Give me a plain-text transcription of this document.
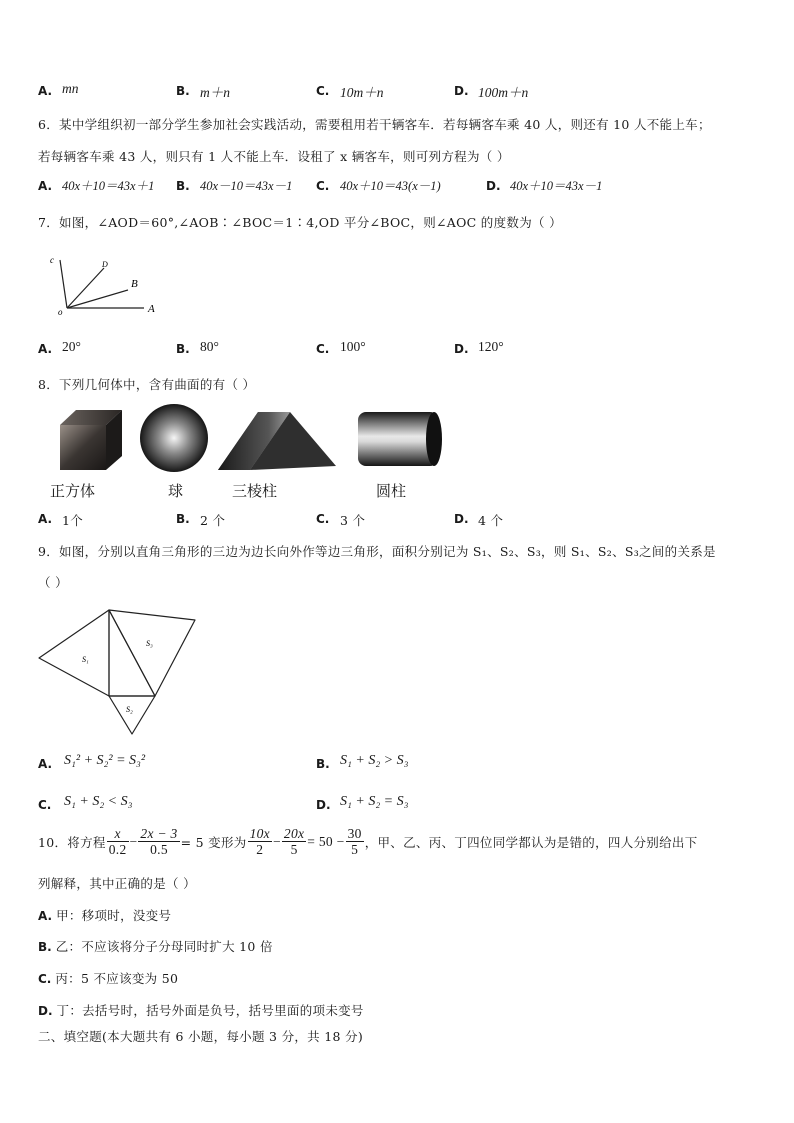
A. mn	B. m＋n	C. 10m＋n	D. 100m＋n
6．某中学组织初一部分学生参加社会实践活动，需要租用若干辆客车．若每辆客车乘 40 人，则还有 10 人不能上车；
若每辆客车乘 43 人，则只有 1 人不能上车．设租了 x 辆客车，则可列方程为（ ）
A. 40x＋10＝43x＋1 B. 40x－10＝43x－1 C. 40x＋10＝43(x－1)	D. 40x＋10＝43x－1
7．如图，∠AOD＝60°,∠AOB∶∠BOC＝1∶4,OD 平分∠BOC，则∠AOC 的度数为（ ）
c	D
B
o	A
A. 20°	B. 80°	C. 100°	D. 120°
8．下列几何体中，含有曲面的有（ ）
正方体	球	三棱柱	圆柱
A. 1个	B. 2 个	C. 3 个	D. 4 个
9．如图，分别以直角三角形的三边为边长向外作等边三角形，面积分别记为 S₁、S₂、S₃，则 S₁、S₂、S₃之间的关系是
（ ）
S₁
S₃
S₂
A. S₁² + S₂² = S₃²	B. S₁ + S₂ > S₃
C. S₁ + S₂ < S₃	D. S₁ + S₂ = S₃
10．将方程 $\frac{x}{0.2} - \frac{2x - 3}{0.5} = 5$ 变形为 $\frac{10x}{2} - \frac{20x}{5} = 50 - \frac{30}{5}$ ，甲、乙、丙、丁四位同学都认为是错的，四人分别给出下
列解释，其中正确的是（ ）
A. 甲：移项时，没变号
B. 乙：不应该将分子分母同时扩大 10 倍
C. 丙：5 不应该变为 50
D. 丁：去括号时，括号外面是负号，括号里面的项未变号
二、填空题(本大题共有 6 小题，每小题 3 分，共 18 分)
